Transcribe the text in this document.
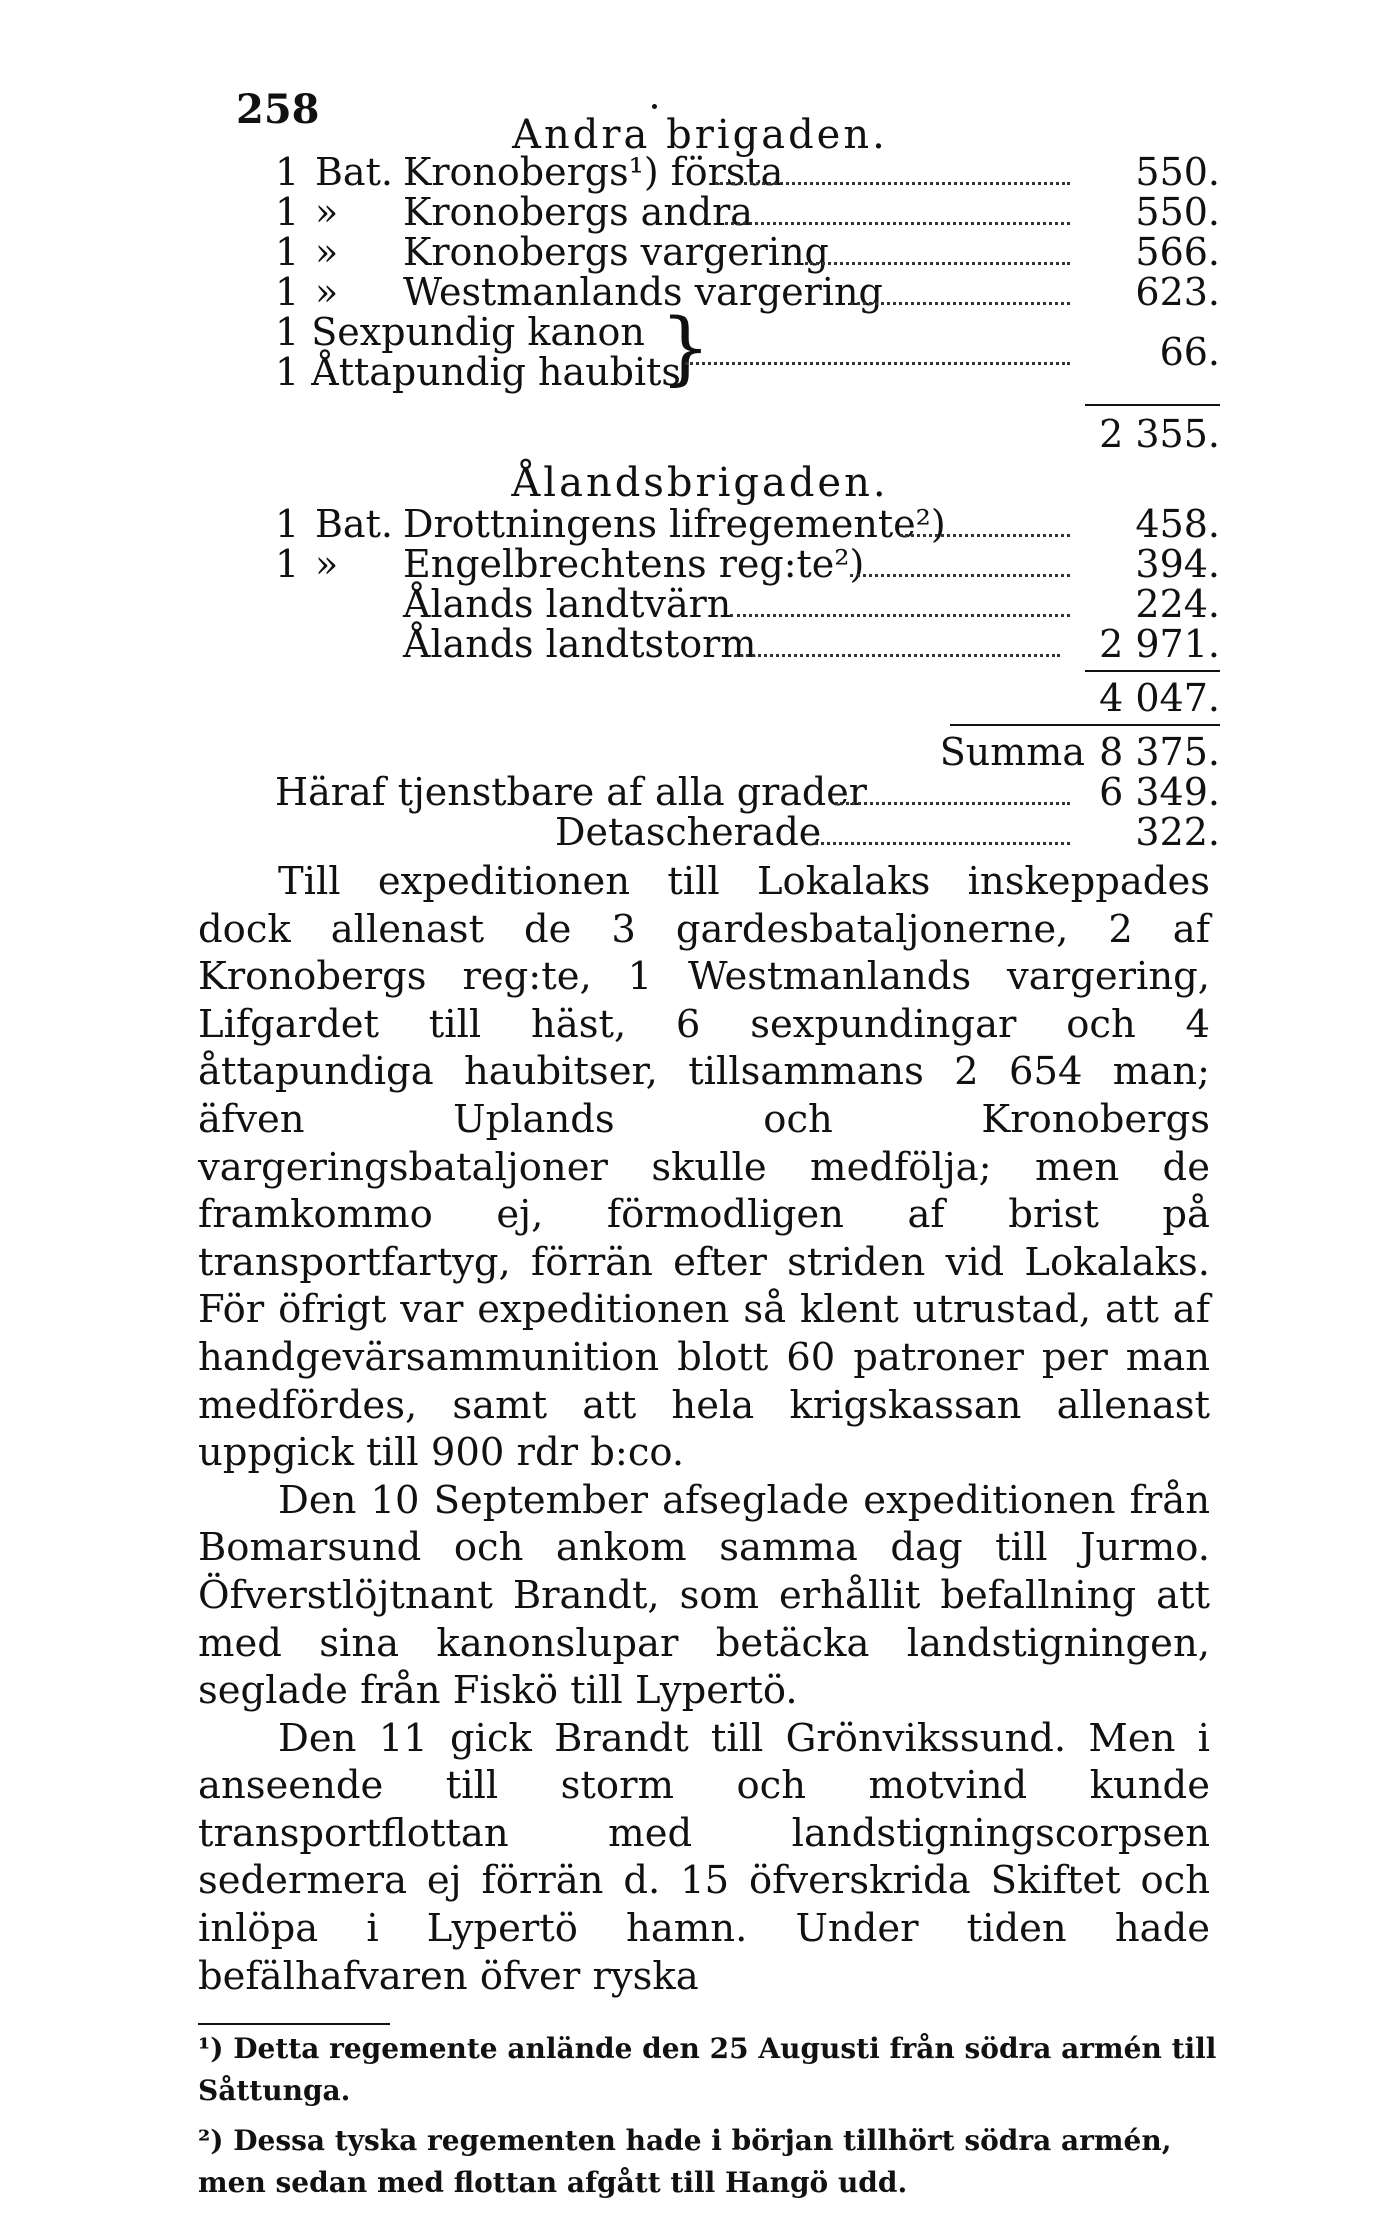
258
Andra brigaden.
1 Bat. Kronobergs¹) första	550.
1 » Kronobergs andra	550.
1 » Kronobergs vargering	566.
1 » Westmanlands vargering	623.
1 Sexpundig kanon
1 Åttapundig haubits
}	66.
2 355.
Ålandsbrigaden.
1 Bat. Drottningens lifregemente²)	458.
1 » Engelbrechtens reg:te²)	394.
Ålands landtvärn	224.
Ålands landtstorm	2 971.
4 047.
Summa 8 375.
Häraf tjenstbare af alla grader	6 349.
Detascherade	322.

Till expeditionen till Lokalaks inskeppades dock allenast de 3 gardesbataljonerne, 2 af Kronobergs reg:te, 1 Westmanlands vargering, Lifgardet till häst, 6 sexpundingar och 4 åttapundiga haubitser, tillsammans 2 654 man; äfven Uplands och Kronobergs vargeringsbataljoner skulle medfölja; men de framkommo ej, förmodligen af brist på transportfartyg, förrän efter striden vid Lokalaks. För öfrigt var expeditionen så klent utrustad, att af handgevärsammunition blott 60 patroner per man medfördes, samt att hela krigskassan allenast uppgick till 900 rdr b:co.

Den 10 September afseglade expeditionen från Bomarsund och ankom samma dag till Jurmo. Öfverstlöjtnant Brandt, som erhållit befallning att med sina kanonslupar betäcka landstigningen, seglade från Fiskö till Lypertö.

Den 11 gick Brandt till Grönvikssund. Men i anseende till storm och motvind kunde transportflottan med landstigningscorpsen sedermera ej förrän d. 15 öfverskrida Skiftet och inlöpa i Lypertö hamn. Under tiden hade befälhafvaren öfver ryska

¹) Detta regemente anlände den 25 Augusti från södra armén till Såttunga.

²) Dessa tyska regementen hade i början tillhört södra armén, men sedan med flottan afgått till Hangö udd.
